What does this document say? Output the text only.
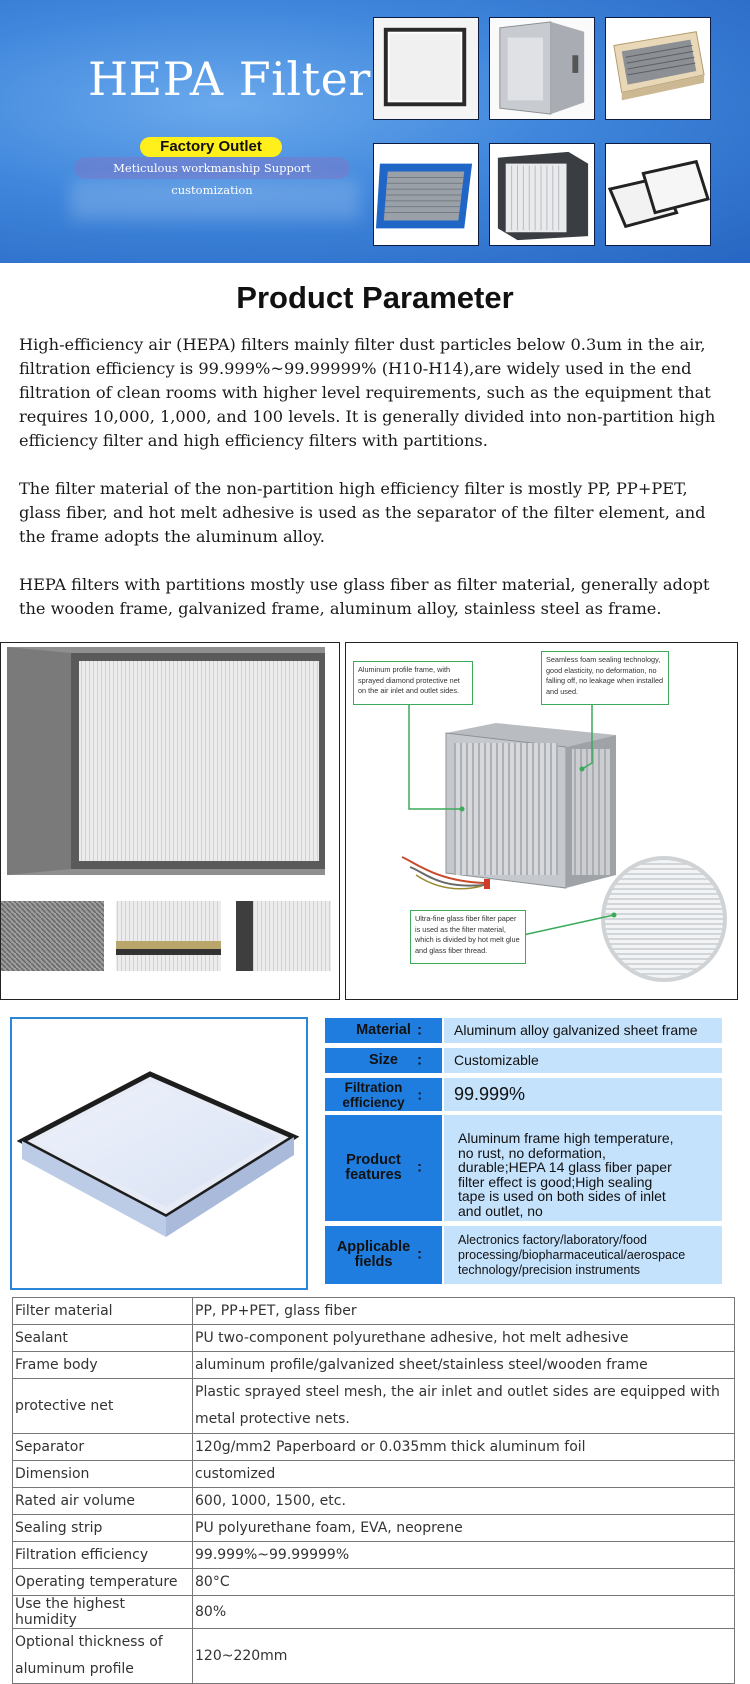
HEPA Filter
Meticulous workmanship Support customization
Factory Outlet
Product Parameter

High-efficiency air (HEPA) filters mainly filter dust particles below 0.3um in the air, filtration efficiency is 99.999%~99.99999% (H10-H14),are widely used in the end filtration of clean rooms with higher level requirements, such as the equipment that requires 10,000, 1,000, and 100 levels. It is generally divided into non-partition high efficiency filter and high efficiency filters with partitions.

The filter material of the non-partition high efficiency filter is mostly PP, PP+PET, glass fiber, and hot melt adhesive is used as the separator of the filter element, and the frame adopts the aluminum alloy.

HEPA filters with partitions mostly use glass fiber as filter material, generally adopt the wooden frame, galvanized frame, aluminum alloy, stainless steel as frame.

Aluminum profile frame, with sprayed diamond protective net on the air inlet and outlet sides.
Seamless foam sealing technology, good elasticity, no deformation, no falling off, no leakage when installed and used.
Ultra-fine glass fiber filter paper is used as the filter material, which is divided by hot melt glue and glass fiber thread.
Material :	Aluminum alloy galvanized sheet frame
Size :	Customizable
Filtration efficiency :	99.999%
Product features	:
Aluminum frame high temperature, no rust, no deformation, durable;HEPA 14 glass fiber paper filter effect is good;High sealing tape is used on both sides of inlet and outlet, no
Applicable fields	:
Alectronics factory/laboratory/food processing/biopharmaceutical/aerospace technology/precision instruments
Filter material	PP, PP+PET, glass fiber
Sealant	PU two-component polyurethane adhesive, hot melt adhesive
Frame body	aluminum profile/galvanized sheet/stainless steel/wooden frame
protective net	Plastic sprayed steel mesh, the air inlet and outlet sides are equipped with metal protective nets.
Separator	120g/mm2 Paperboard or 0.035mm thick aluminum foil
Dimension	customized
Rated air volume	600, 1000, 1500, etc.
Sealing strip	PU polyurethane foam, EVA, neoprene
Filtration efficiency	99.999%~99.99999%
Operating temperature	80°C
Use the highest humidity	80%
Optional thickness of aluminum profile	120~220mm
